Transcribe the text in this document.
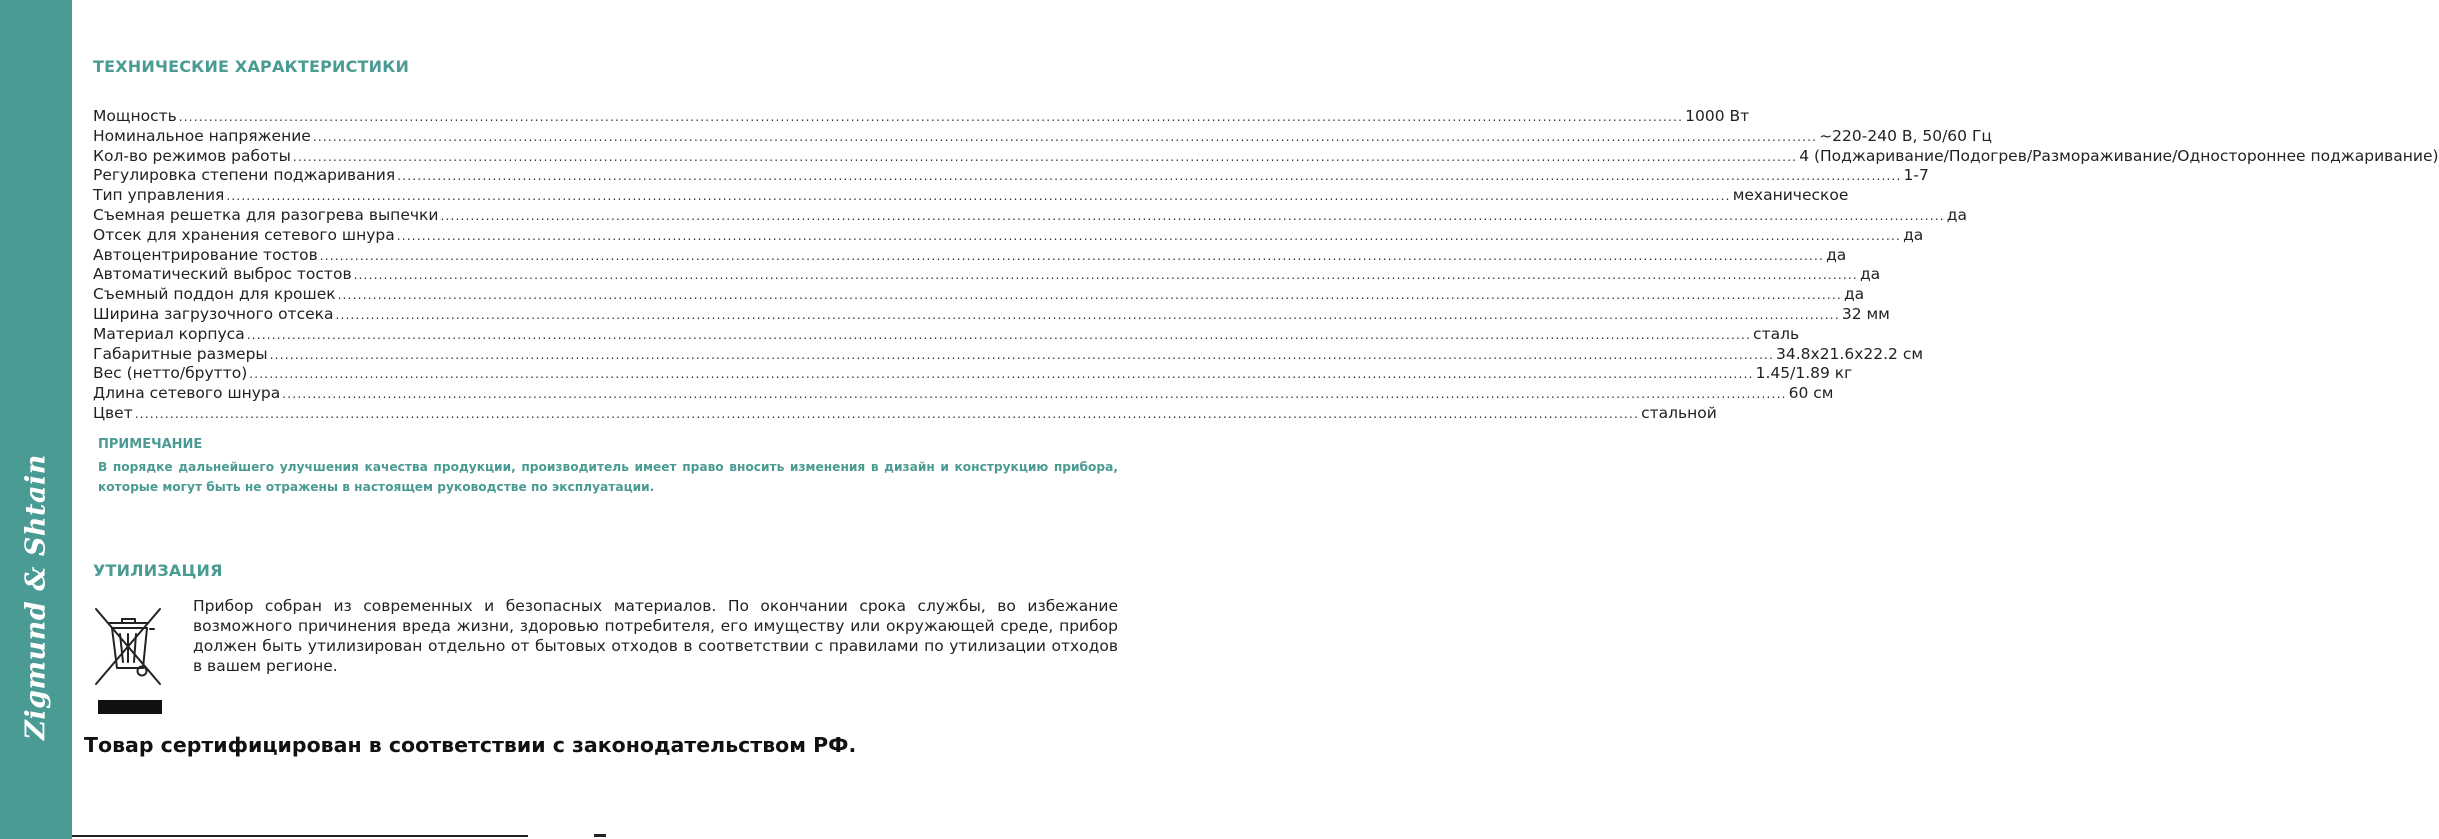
Zigmund & Shtain
ТЕХНИЧЕСКИЕ ХАРАКТЕРИСТИКИ
Мощность ............................................................................................................................................................................................................................................................................................................ 1000 Вт
Номинальное напряжение ............................................................................................................................................................................................................................................................................................................ ~220-240 В, 50/60 Гц
Кол-во режимов работы ............................................................................................................................................................................................................................................................................................................ 4 (Поджаривание/Подогрев/Размораживание/Одностороннее поджаривание)
Регулировка степени поджаривания ............................................................................................................................................................................................................................................................................................................ 1-7
Тип управления ............................................................................................................................................................................................................................................................................................................ механическое
Съемная решетка для разогрева выпечки ............................................................................................................................................................................................................................................................................................................ да
Отсек для хранения сетевого шнура ............................................................................................................................................................................................................................................................................................................ да
Автоцентрирование тостов ............................................................................................................................................................................................................................................................................................................ да
Автоматический выброс тостов ............................................................................................................................................................................................................................................................................................................ да
Съемный поддон для крошек ............................................................................................................................................................................................................................................................................................................ да
Ширина загрузочного отсека ............................................................................................................................................................................................................................................................................................................ 32 мм
Материал корпуса ............................................................................................................................................................................................................................................................................................................ сталь
Габаритные размеры ............................................................................................................................................................................................................................................................................................................ 34.8x21.6x22.2 см
Вес (нетто/брутто) ............................................................................................................................................................................................................................................................................................................ 1.45/1.89 кг
Длина сетевого шнура ............................................................................................................................................................................................................................................................................................................ 60 см
Цвет ............................................................................................................................................................................................................................................................................................................ стальной
ПРИМЕЧАНИЕ
В порядке дальнейшего улучшения качества продукции, производитель имеет право вносить изменения в дизайн и конструкцию прибора, которые могут быть не отражены в настоящем руководстве по эксплуатации.
УТИЛИЗАЦИЯ
Прибор собран из современных и безопасных материалов. По окончании срока службы, во избежание возможного причинения вреда жизни, здоровью потребителя, его имуществу или окружающей среде, прибор должен быть утилизирован отдельно от бытовых отходов в соответствии с правилами по утилизации отходов в вашем регионе.
Товар сертифицирован в соответствии с законодательством РФ.
